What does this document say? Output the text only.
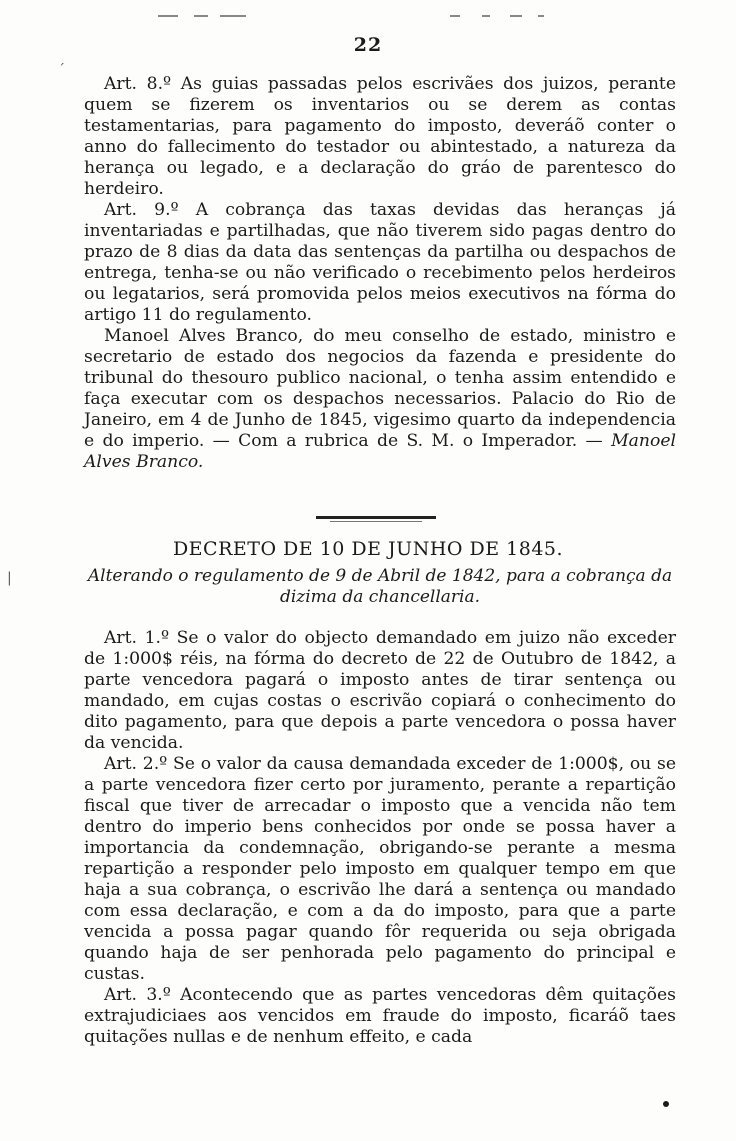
22
´

Art. 8.º As guias passadas pelos escrivães dos juizos, perante quem se fizerem os inventarios ou se derem as contas testamentarias, para pagamento do imposto, deveráõ conter o anno do fallecimento do testador ou abintestado, a natureza da herança ou legado, e a declaração do gráo de parentesco do herdeiro.

Art. 9.º A cobrança das taxas devidas das heranças já inventariadas e partilhadas, que não tiverem sido pagas dentro do prazo de 8 dias da data das sentenças da partilha ou despachos de entrega, tenha-se ou não verificado o recebimento pelos herdeiros ou legatarios, será promovida pelos meios executivos na fórma do artigo 11 do regulamento.

Manoel Alves Branco, do meu conselho de estado, ministro e secretario de estado dos negocios da fazenda e presidente do tribunal do thesouro publico nacional, o tenha assim entendido e faça executar com os despachos necessarios. Palacio do Rio de Janeiro, em 4 de Junho de 1845, vigesimo quarto da independencia e do imperio. — Com a rubrica de S. M. o Imperador. — Manoel Alves Branco.

DECRETO DE 10 DE JUNHO DE 1845.
Alterando o regulamento de 9 de Abril de 1842, para a cobrança da dizima da chancellaria.
|

Art. 1.º Se o valor do objecto demandado em juizo não exceder de 1:000$ réis, na fórma do decreto de 22 de Outubro de 1842, a parte vencedora pagará o imposto antes de tirar sentença ou mandado, em cujas costas o escrivão copiará o conhecimento do dito pagamento, para que depois a parte vencedora o possa haver da vencida.

Art. 2.º Se o valor da causa demandada exceder de 1:000$, ou se a parte vencedora fizer certo por juramento, perante a repartição fiscal que tiver de arrecadar o imposto que a vencida não tem dentro do imperio bens conhecidos por onde se possa haver a importancia da condemnação, obrigando-se perante a mesma repartição a responder pelo imposto em qualquer tempo em que haja a sua cobrança, o escrivão lhe dará a sentença ou mandado com essa declaração, e com a da do imposto, para que a parte vencida a possa pagar quando fôr requerida ou seja obrigada quando haja de ser penhorada pelo pagamento do principal e custas.

Art. 3.º Acontecendo que as partes vencedoras dêm quitações extrajudiciaes aos vencidos em fraude do imposto, ficaráõ taes quitações nullas e de nenhum effeito, e cada
